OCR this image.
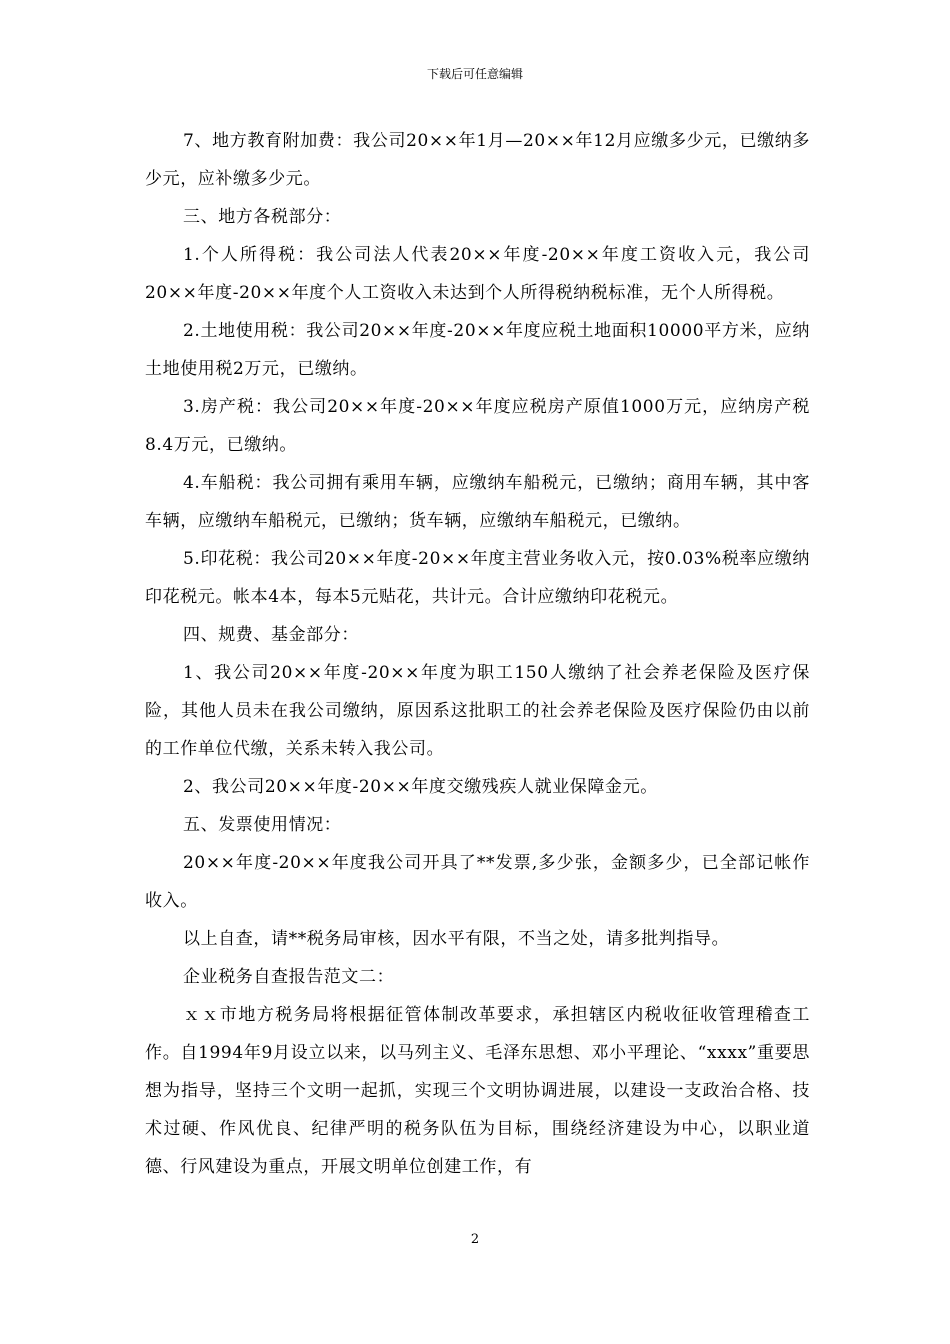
下载后可任意编辑

7、地方教育附加费：我公司20××年1月—20××年12月应缴多少元，已缴纳多少元，应补缴多少元。

三、地方各税部分：

1.个人所得税：我公司法人代表20××年度-20××年度工资收入元，我公司20××年度-20××年度个人工资收入未达到个人所得税纳税标准，无个人所得税。

2.土地使用税：我公司20××年度-20××年度应税土地面积10000平方米，应纳土地使用税2万元，已缴纳。

3.房产税：我公司20××年度-20××年度应税房产原值1000万元，应纳房产税8.4万元，已缴纳。

4.车船税：我公司拥有乘用车辆，应缴纳车船税元，已缴纳；商用车辆，其中客车辆，应缴纳车船税元，已缴纳；货车辆，应缴纳车船税元，已缴纳。

5.印花税：我公司20××年度-20××年度主营业务收入元，按0.03%税率应缴纳印花税元。帐本4本，每本5元贴花，共计元。合计应缴纳印花税元。

四、规费、基金部分：

1、我公司20××年度-20××年度为职工150人缴纳了社会养老保险及医疗保险，其他人员未在我公司缴纳，原因系这批职工的社会养老保险及医疗保险仍由以前的工作单位代缴，关系未转入我公司。

2、我公司20××年度-20××年度交缴残疾人就业保障金元。

五、发票使用情况：

20××年度-20××年度我公司开具了**发票,多少张，金额多少，已全部记帐作收入。

以上自查，请**税务局审核，因水平有限，不当之处，请多批判指导。

企业税务自查报告范文二：

ｘｘ市地方税务局将根据征管体制改革要求，承担辖区内税收征收管理稽查工作。自1994年9月设立以来，以马列主义、毛泽东思想、邓小平理论、“xxxx”重要思想为指导，坚持三个文明一起抓，实现三个文明协调进展，以建设一支政治合格、技术过硬、作风优良、纪律严明的税务队伍为目标，围绕经济建设为中心，以职业道德、行风建设为重点，开展文明单位创建工作，有

2
